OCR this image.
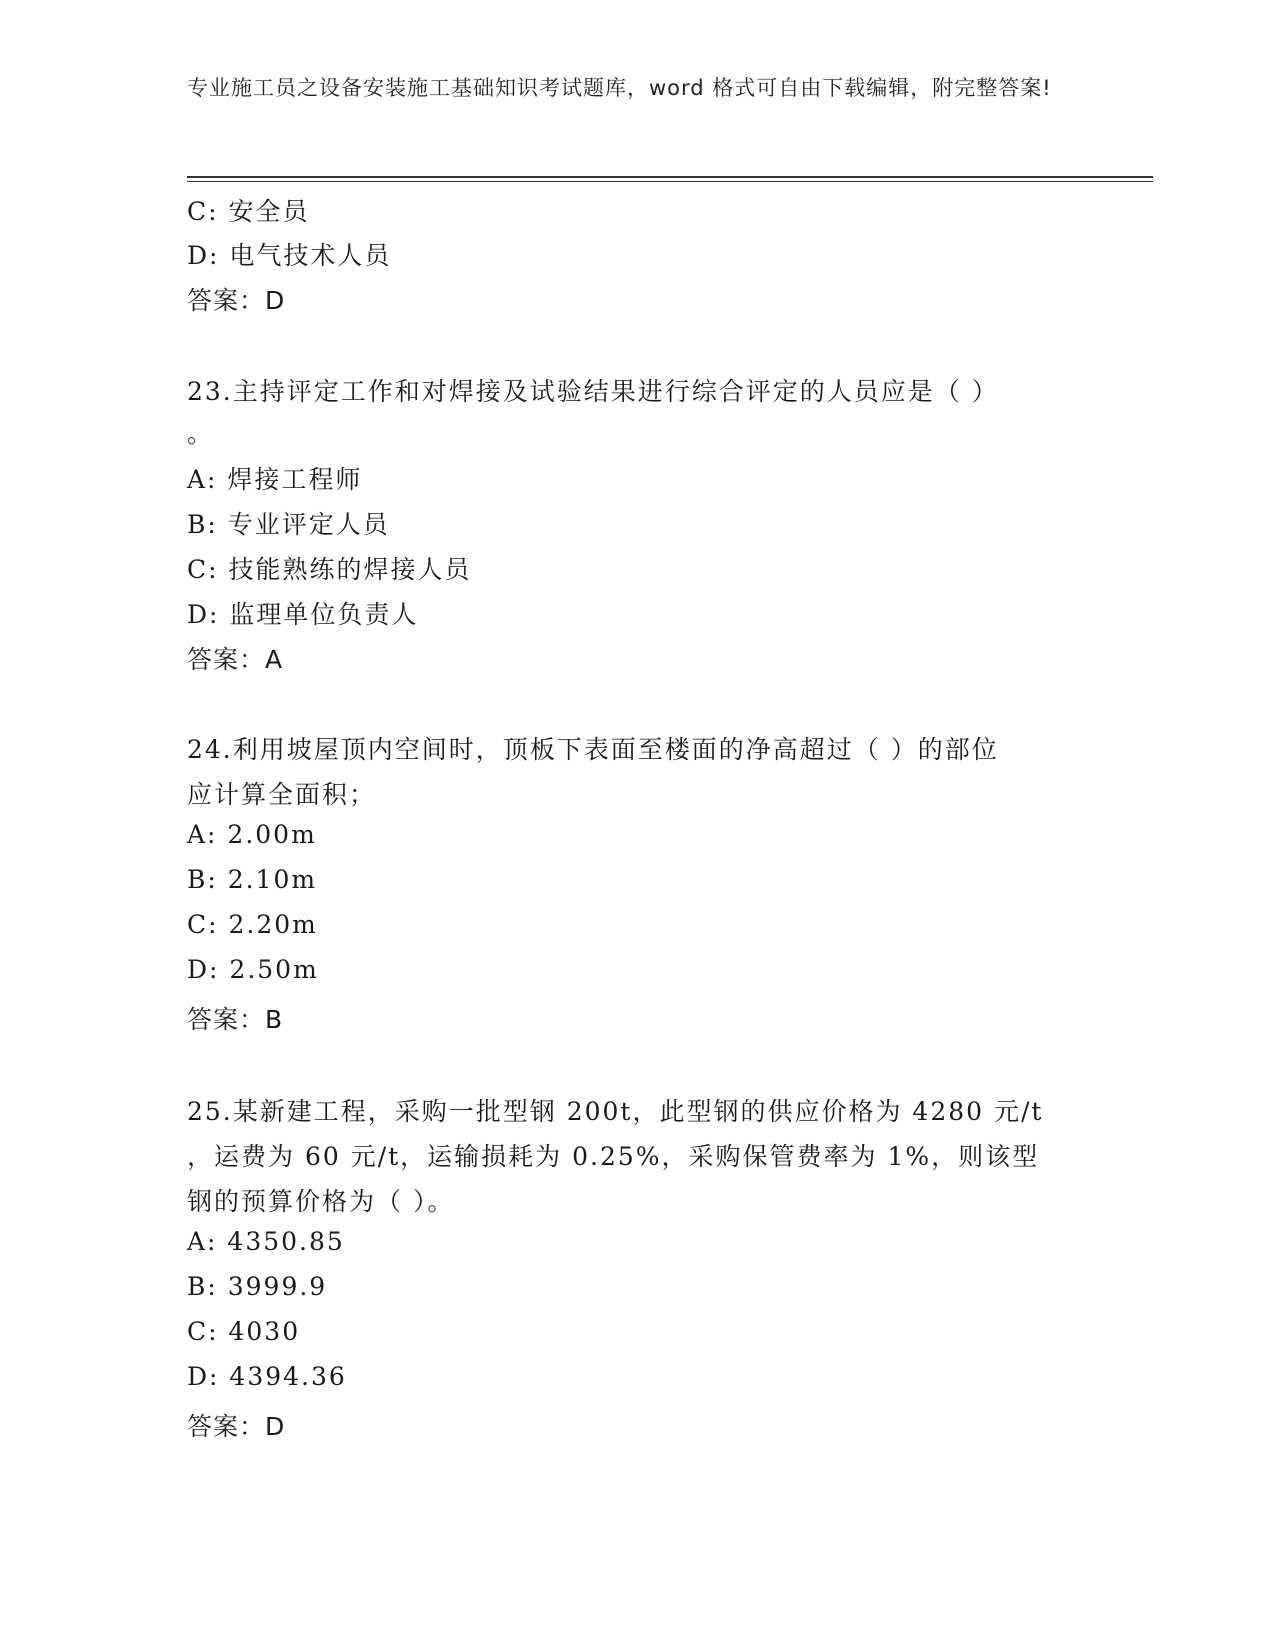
专业施工员之设备安装施工基础知识考试题库，word 格式可自由下载编辑，附完整答案!
C: 安全员
D: 电气技术人员
答案：D
23.主持评定工作和对焊接及试验结果进行综合评定的人员应是（ ）
。
A: 焊接工程师
B: 专业评定人员
C: 技能熟练的焊接人员
D: 监理单位负责人
答案：A
24.利用坡屋顶内空间时，顶板下表面至楼面的净高超过（ ）的部位
应计算全面积；
A: 2.00m
B: 2.10m
C: 2.20m
D: 2.50m
答案：B
25.某新建工程，采购一批型钢 200t，此型钢的供应价格为 4280 元/t
，运费为 60 元/t，运输损耗为 0.25%，采购保管费率为 1%，则该型
钢的预算价格为（ ）。
A: 4350.85
B: 3999.9
C: 4030
D: 4394.36
答案：D
